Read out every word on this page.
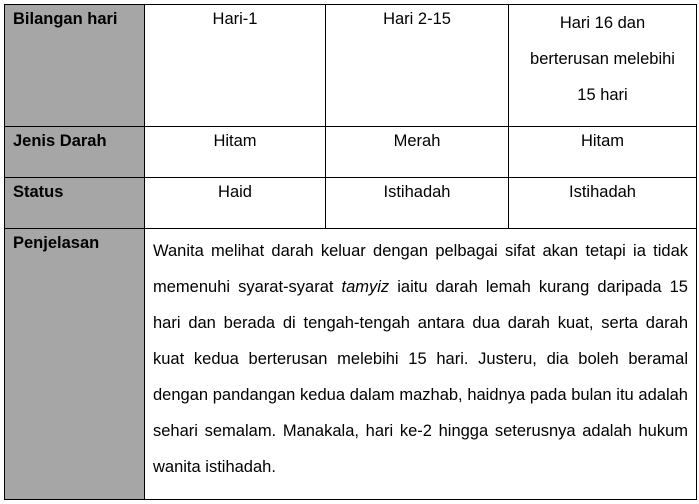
Bilangan hari	Hari-1	Hari 2-15	Hari 16 dan berterusan melebihi 15 hari
Jenis Darah	Hitam	Merah	Hitam
Status	Haid	Istihadah	Istihadah
Penjelasan	Wanita melihat darah keluar dengan pelbagai sifat akan tetapi ia tidak memenuhi syarat-syarat tamyiz iaitu darah lemah kurang daripada 15 hari dan berada di tengah-tengah antara dua darah kuat, serta darah kuat kedua berterusan melebihi 15 hari. Justeru, dia boleh beramal dengan pandangan kedua dalam mazhab, haidnya pada bulan itu adalah sehari semalam. Manakala, hari ke-2 hingga seterusnya adalah hukum wanita istihadah.		
